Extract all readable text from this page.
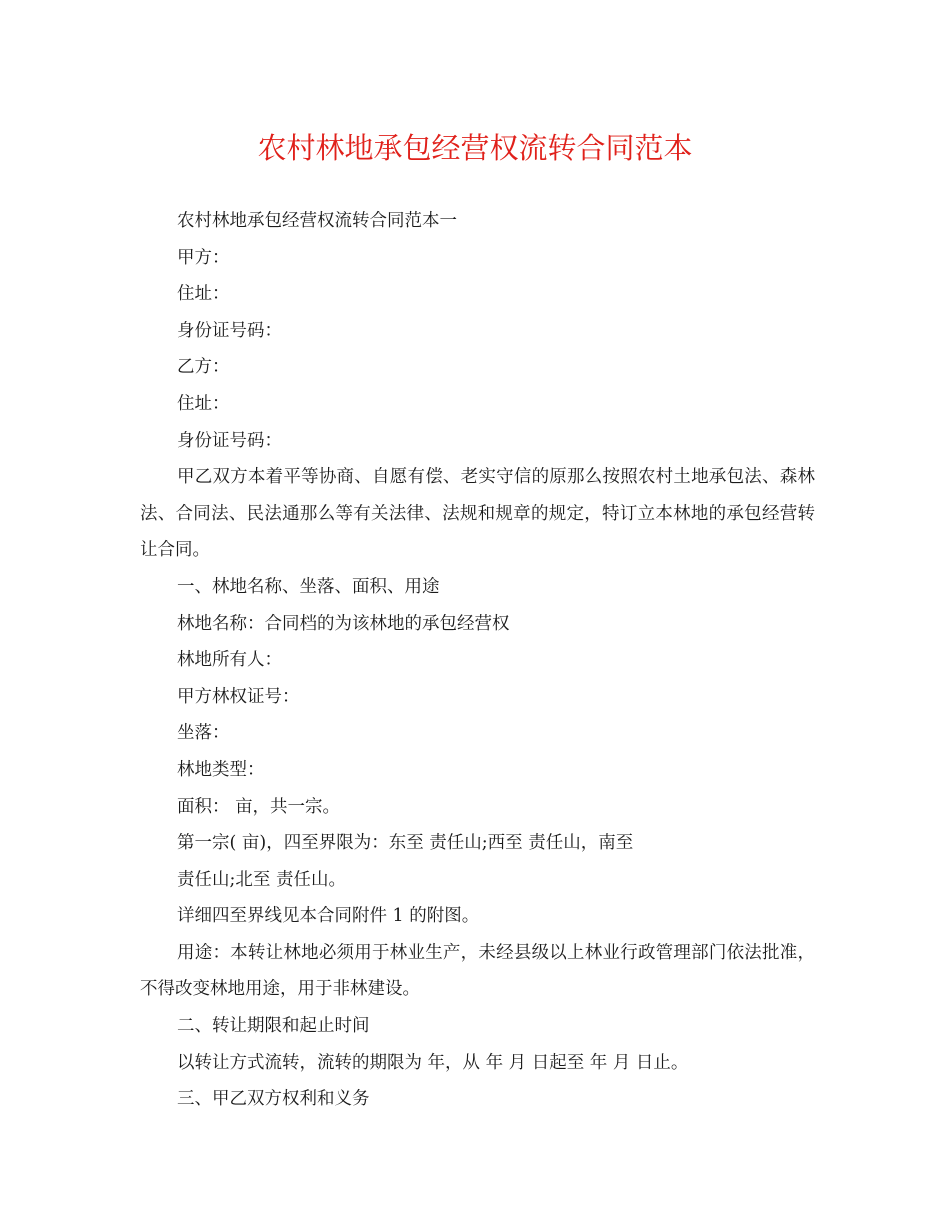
农村林地承包经营权流转合同范本

农村林地承包经营权流转合同范本一

甲方：

住址：

身份证号码：

乙方：

住址：

身份证号码：

甲乙双方本着平等协商、自愿有偿、老实守信的原那么按照农村土地承包法、森林法、合同法、民法通那么等有关法律、法规和规章的规定，特订立本林地的承包经营转让合同。

一、林地名称、坐落、面积、用途

林地名称：合同档的为该林地的承包经营权

林地所有人：

甲方林权证号：

坐落：

林地类型：

面积： 亩，共一宗。

第一宗( 亩)，四至界限为：东至 责任山;西至 责任山，南至

责任山;北至 责任山。

详细四至界线见本合同附件 1 的附图。

用途：本转让林地必须用于林业生产，未经县级以上林业行政管理部门依法批准，不得改变林地用途，用于非林建设。

二、转让期限和起止时间

以转让方式流转，流转的期限为 年，从 年 月 日起至 年 月 日止。

三、甲乙双方权利和义务
